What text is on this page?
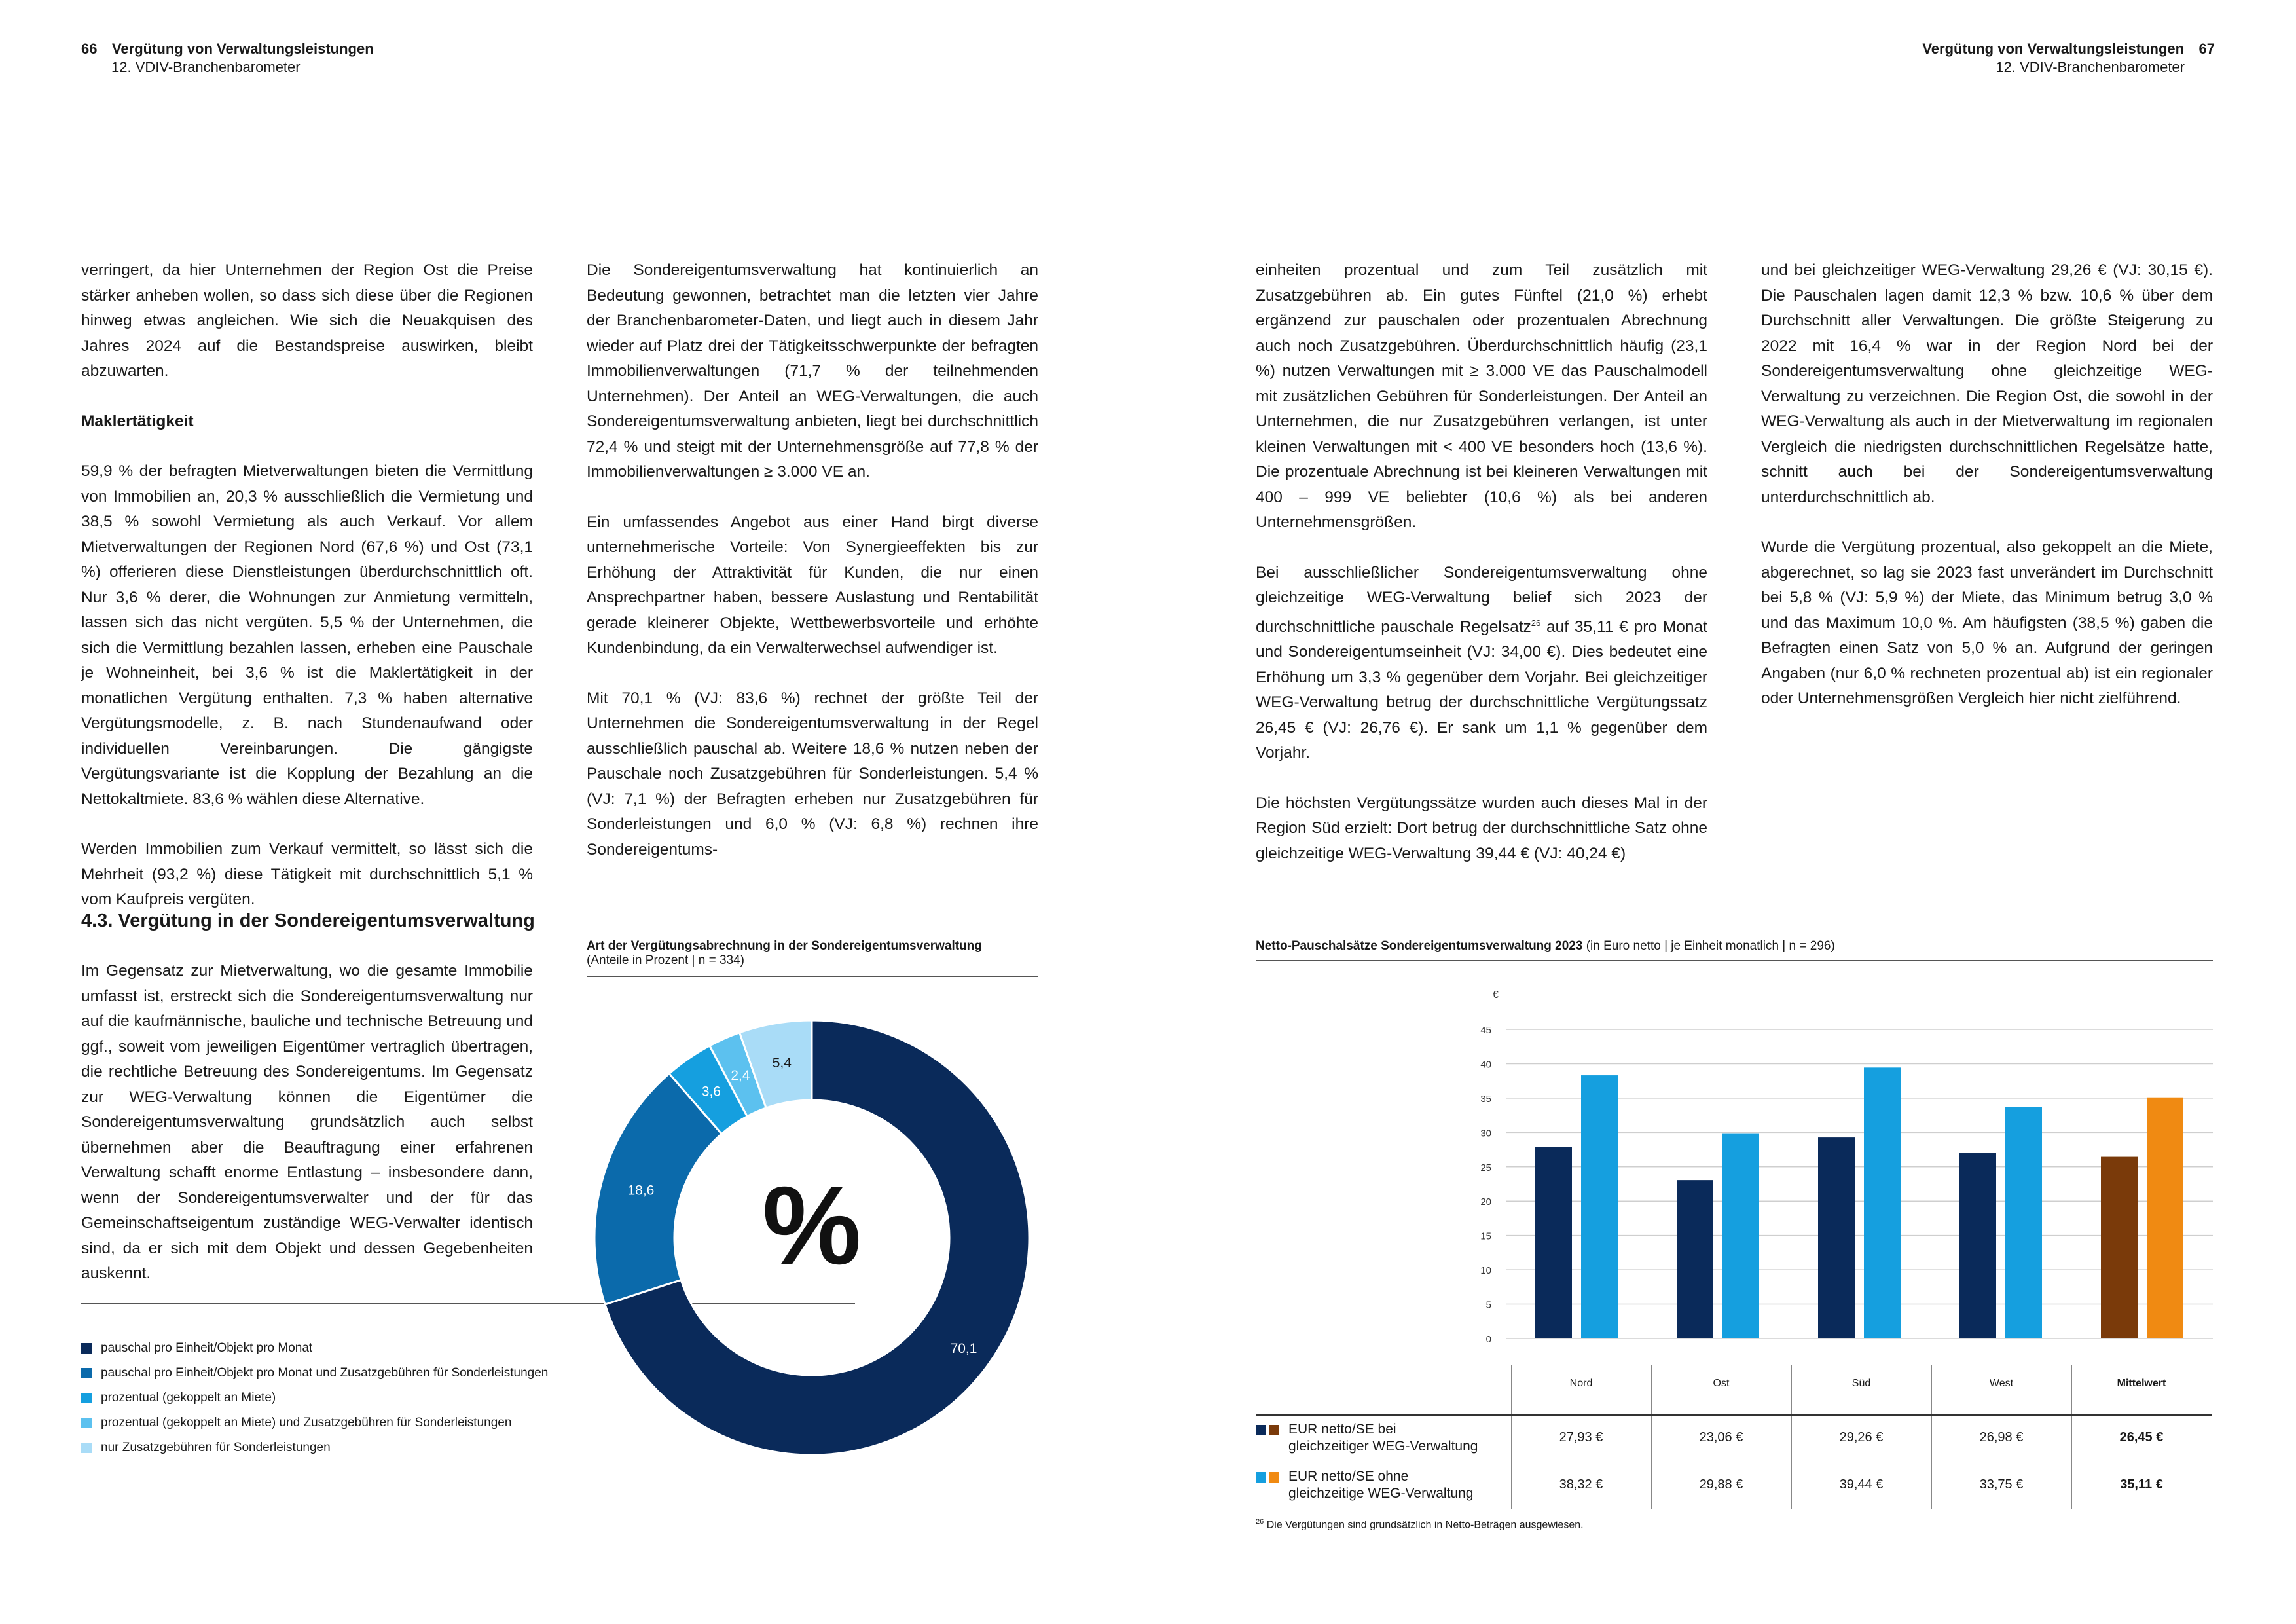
66 Vergütung von Verwaltungsleistungen
12. VDIV-Branchenbarometer
Vergütung von Verwaltungsleistungen 67
12. VDIV-Branchenbarometer

verringert, da hier Unternehmen der Region Ost die Preise stärker anheben wollen, so dass sich diese über die Regionen hinweg etwas angleichen. Wie sich die Neuakquisen des Jahres 2024 auf die Bestandspreise auswirken, bleibt abzuwarten.

Maklertätigkeit

59,9 % der befragten Mietverwaltungen bieten die Vermittlung von Immobilien an, 20,3 % ausschließlich die Vermietung und 38,5 % sowohl Vermietung als auch Verkauf. Vor allem Mietverwaltungen der Regionen Nord (67,6 %) und Ost (73,1 %) offerieren diese Dienstleistungen überdurchschnittlich oft. Nur 3,6 % derer, die Wohnungen zur Anmietung vermitteln, lassen sich das nicht vergüten. 5,5 % der Unternehmen, die sich die Vermittlung bezahlen lassen, erheben eine Pauschale je Wohneinheit, bei 3,6 % ist die Maklertätigkeit in der monatlichen Vergütung enthalten. 7,3 % haben alternative Vergütungsmodelle, z. B. nach Stundenaufwand oder individuellen Vereinbarungen. Die gängigste Vergütungsvariante ist die Kopplung der Bezahlung an die Nettokaltmiete. 83,6 % wählen diese Alternative.

Werden Immobilien zum Verkauf vermittelt, so lässt sich die Mehrheit (93,2 %) diese Tätigkeit mit durchschnittlich 5,1 % vom Kaufpreis vergüten.

Die Sondereigentumsverwaltung hat kontinuierlich an Bedeutung gewonnen, betrachtet man die letzten vier Jahre der Branchenbarometer-Daten, und liegt auch in diesem Jahr wieder auf Platz drei der Tätigkeitsschwerpunkte der befragten Immobilienverwaltungen (71,7 % der teilnehmenden Unternehmen). Der Anteil an WEG-Verwaltungen, die auch Sondereigentumsverwaltung anbieten, liegt bei durchschnittlich 72,4 % und steigt mit der Unternehmensgröße auf 77,8 % der Immobilienverwaltungen ≥ 3.000 VE an.

Ein umfassendes Angebot aus einer Hand birgt diverse unternehmerische Vorteile: Von Synergieeffekten bis zur Erhöhung der Attraktivität für Kunden, die nur einen Ansprechpartner haben, bessere Auslastung und Rentabilität gerade kleinerer Objekte, Wettbewerbsvorteile und erhöhte Kundenbindung, da ein Verwalterwechsel aufwendiger ist.

Mit 70,1 % (VJ: 83,6 %) rechnet der größte Teil der Unternehmen die Sondereigentumsverwaltung in der Regel ausschließlich pauschal ab. Weitere 18,6 % nutzen neben der Pauschale noch Zusatzgebühren für Sonderleistungen. 5,4 % (VJ: 7,1 %) der Befragten erheben nur Zusatzgebühren für Sonderleistungen und 6,0 % (VJ: 6,8 %) rechnen ihre Sondereigentums-

einheiten prozentual und zum Teil zusätzlich mit Zusatzgebühren ab. Ein gutes Fünftel (21,0 %) erhebt ergänzend zur pauschalen oder prozentualen Abrechnung auch noch Zusatzgebühren. Überdurchschnittlich häufig (23,1 %) nutzen Verwaltungen mit ≥ 3.000 VE das Pauschalmodell mit zusätzlichen Gebühren für Sonderleistungen. Der Anteil an Unternehmen, die nur Zusatzgebühren verlangen, ist unter kleinen Verwaltungen mit < 400 VE besonders hoch (13,6 %). Die prozentuale Abrechnung ist bei kleineren Verwaltungen mit 400 – 999 VE beliebter (10,6 %) als bei anderen Unternehmensgrößen.

Bei ausschließlicher Sondereigentumsverwaltung ohne gleichzeitige WEG-Verwaltung belief sich 2023 der durchschnittliche pauschale Regelsatz$^{26}$ auf 35,11 € pro Monat und Sondereigentumseinheit (VJ: 34,00 €). Dies bedeutet eine Erhöhung um 3,3 % gegenüber dem Vorjahr. Bei gleichzeitiger WEG-Verwaltung betrug der durchschnittliche Vergütungssatz 26,45 € (VJ: 26,76 €). Er sank um 1,1 % gegenüber dem Vorjahr.

Die höchsten Vergütungssätze wurden auch dieses Mal in der Region Süd erzielt: Dort betrug der durchschnittliche Satz ohne gleichzeitige WEG-Verwaltung 39,44 € (VJ: 40,24 €)

und bei gleichzeitiger WEG-Verwaltung 29,26 € (VJ: 30,15 €). Die Pauschalen lagen damit 12,3 % bzw. 10,6 % über dem Durchschnitt aller Verwaltungen. Die größte Steigerung zu 2022 mit 16,4 % war in der Region Nord bei der Sondereigentumsverwaltung ohne gleichzeitige WEG-Verwaltung zu verzeichnen. Die Region Ost, die sowohl in der WEG-Verwaltung als auch in der Mietverwaltung im regionalen Vergleich die niedrigsten durchschnittlichen Regelsätze hatte, schnitt auch bei der Sondereigentumsverwaltung unterdurchschnittlich ab.

Wurde die Vergütung prozentual, also gekoppelt an die Miete, abgerechnet, so lag sie 2023 fast unverändert im Durchschnitt bei 5,8 % (VJ: 5,9 %) der Miete, das Minimum betrug 3,0 % und das Maximum 10,0 %. Am häufigsten (38,5 %) gaben die Befragten einen Satz von 5,0 % an. Aufgrund der geringen Angaben (nur 6,0 % rechneten prozentual ab) ist ein regionaler oder Unternehmensgrößen Vergleich hier nicht zielführend.

4.3. Vergütung in der Sondereigentumsverwaltung

Im Gegensatz zur Mietverwaltung, wo die gesamte Immobilie umfasst ist, erstreckt sich die Sondereigentumsverwaltung nur auf die kaufmännische, bauliche und technische Betreuung und ggf., soweit vom jeweiligen Eigentümer vertraglich übertragen, die rechtliche Betreuung des Sondereigentums. Im Gegensatz zur WEG-Verwaltung können die Eigentümer die Sondereigentumsverwaltung grundsätzlich auch selbst übernehmen aber die Beauftragung einer erfahrenen Verwaltung schafft enorme Entlastung – insbesondere dann, wenn der Sondereigentumsverwalter und der für das Gemeinschaftseigentum zuständige WEG-Verwalter identisch sind, da er sich mit dem Objekt und dessen Gegebenheiten auskennt.

Art der Vergütungsabrechnung in der Sondereigentumsverwaltung
(Anteile in Prozent | n = 334)
70,1
18,6
3,6
2,4
5,4
%
pauschal pro Einheit/Objekt pro Monat
pauschal pro Einheit/Objekt pro Monat und Zusatzgebühren für Sonderleistungen
prozentual (gekoppelt an Miete)
prozentual (gekoppelt an Miete) und Zusatzgebühren für Sonderleistungen
nur Zusatzgebühren für Sonderleistungen
Netto-Pauschalsätze Sondereigentumsverwaltung 2023 (in Euro netto | je Einheit monatlich | n = 296)
€
0
5
10
15
20
25
30
35
40
45
Nord	Ost	Süd	West	Mittelwert
EUR netto/SE bei
gleichzeitiger WEG-Verwaltung
27,93 €	23,06 €	29,26 €	26,98 €	26,45 €
EUR netto/SE ohne
gleichzeitige WEG-Verwaltung
38,32 €	29,88 €	39,44 €	33,75 €	35,11 €
$^{26}$ Die Vergütungen sind grundsätzlich in Netto-Beträgen ausgewiesen.
